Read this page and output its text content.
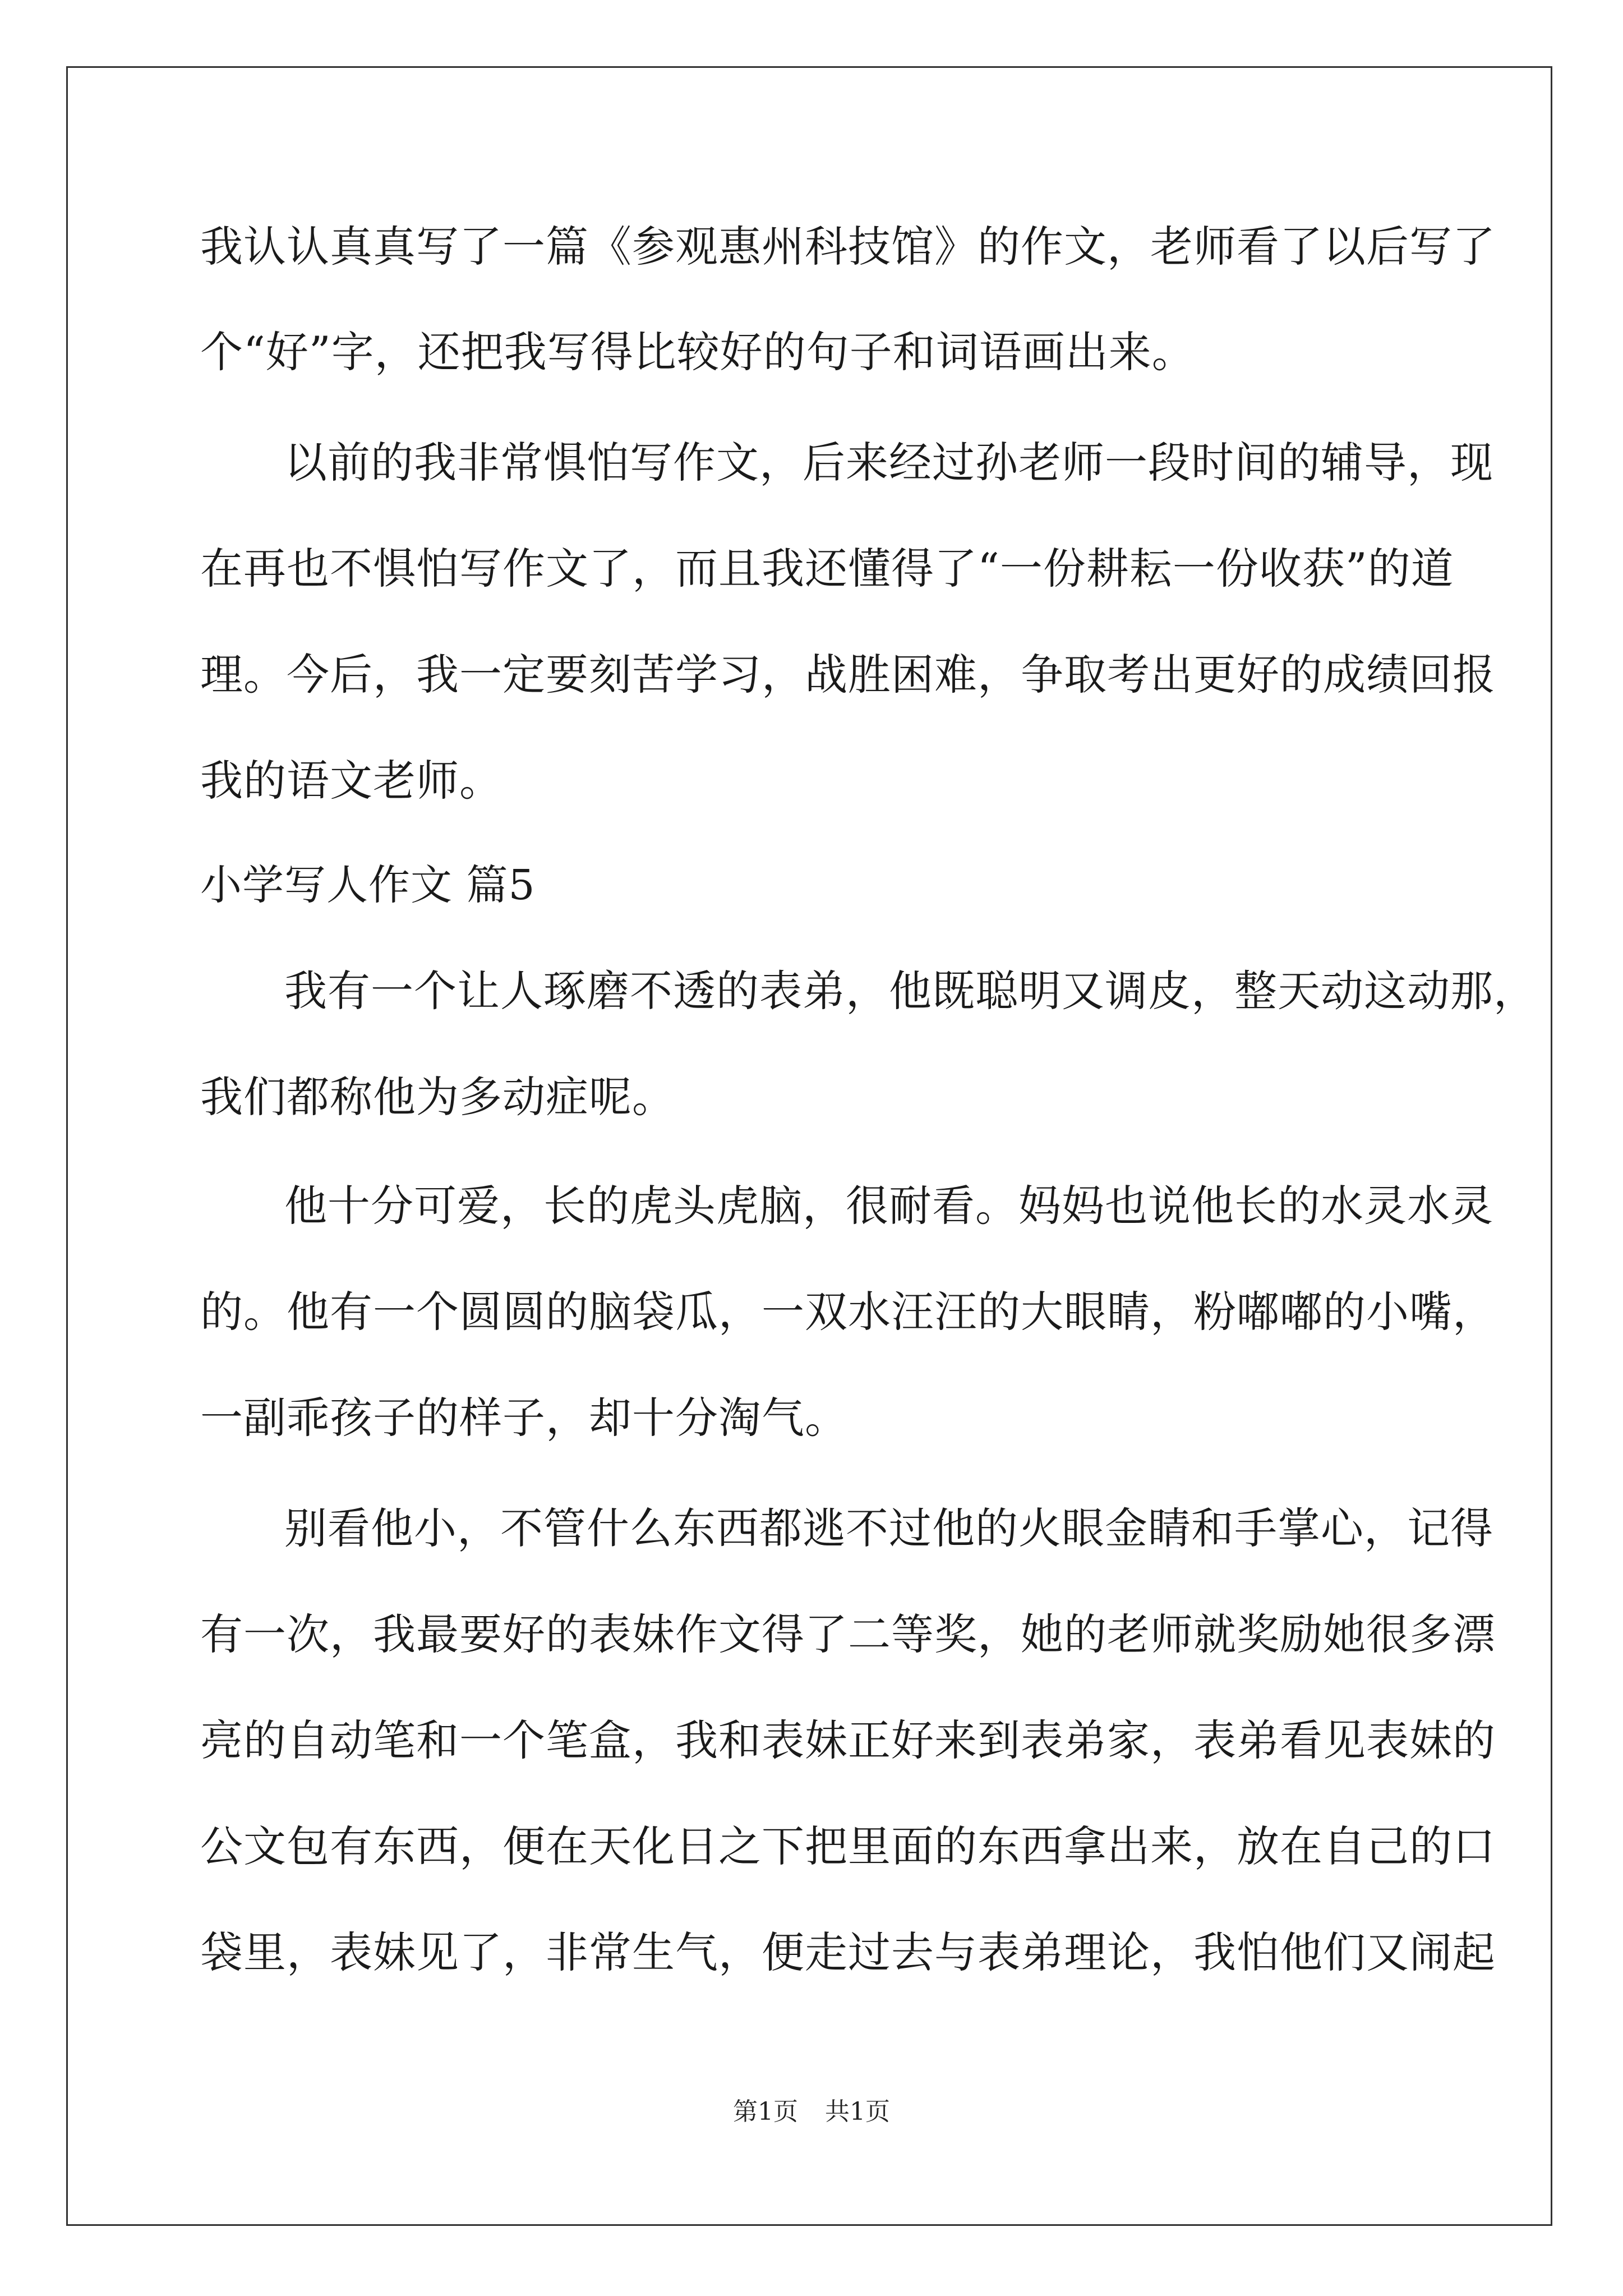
我认认真真写了一篇《参观惠州科技馆》的作文，老师看了以后写了
个“好”字，还把我写得比较好的句子和词语画出来。
以前的我非常惧怕写作文，后来经过孙老师一段时间的辅导，现
在再也不惧怕写作文了，而且我还懂得了“一份耕耘一份收获”的道
理。今后，我一定要刻苦学习，战胜困难，争取考出更好的成绩回报
我的语文老师。
小学写人作文 篇5
我有一个让人琢磨不透的表弟，他既聪明又调皮，整天动这动那，
我们都称他为多动症呢。
他十分可爱，长的虎头虎脑，很耐看。妈妈也说他长的水灵水灵
的。他有一个圆圆的脑袋瓜，一双水汪汪的大眼睛，粉嘟嘟的小嘴，
一副乖孩子的样子，却十分淘气。
别看他小，不管什么东西都逃不过他的火眼金睛和手掌心，记得
有一次，我最要好的表妹作文得了二等奖，她的老师就奖励她很多漂
亮的自动笔和一个笔盒，我和表妹正好来到表弟家，表弟看见表妹的
公文包有东西，便在天化日之下把里面的东西拿出来，放在自己的口
袋里，表妹见了，非常生气，便走过去与表弟理论，我怕他们又闹起
第1页 共1页
